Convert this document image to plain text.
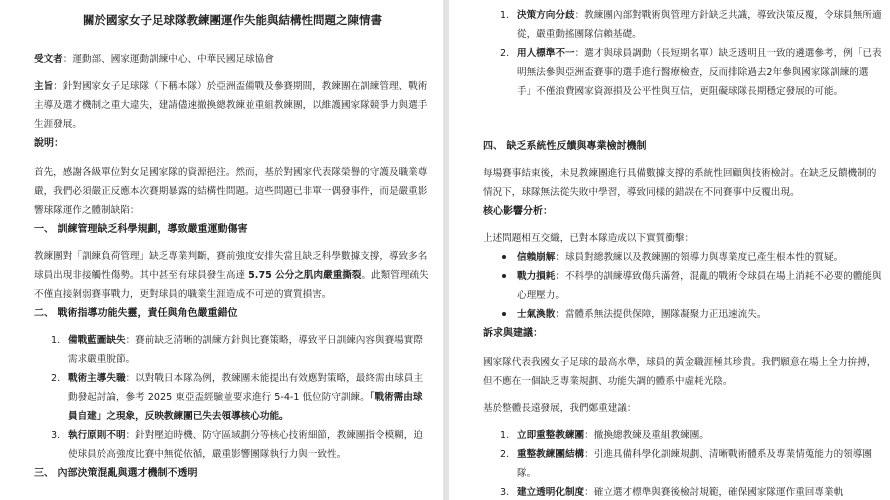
關於國家女子足球隊教練團運作失能與結構性問題之陳情書

受文者：運動部、國家運動訓練中心、中華民國足球協會

主旨：針對國家女子足球隊（下稱本隊）於亞洲盃備戰及參賽期間，教練團在訓練管理、戰術主導及選才機制之重大違失，建請儘速撤換總教練並重組教練團，以維護國家隊競爭力與選手生涯發展。

說明：

首先，感謝各級單位對女足國家隊的資源挹注。然而，基於對國家代表隊榮譽的守護及職業尊嚴，我們必須嚴正反應本次賽期暴露的結構性問題。這些問題已非單一偶發事件，而是嚴重影響球隊運作之體制缺陷：

一、 訓練管理缺乏科學規劃，導致嚴重運動傷害

教練團對「訓練負荷管理」缺乏專業判斷，賽前強度安排失當且缺乏科學數據支撐，導致多名球員出現非接觸性傷勢。其中甚至有球員發生高達 5.75 公分之肌肉嚴重撕裂。此類管理疏失不僅直接剝弱賽事戰力，更對球員的職業生涯造成不可逆的實質損害。

二、 戰術指導功能失靈，責任與角色嚴重錯位

1. 備戰藍圖缺失：賽前缺乏清晰的訓練方針與比賽策略，導致平日訓練內容與賽場實際需求嚴重脫節。
2. 戰術主導失職：以對戰日本隊為例，教練團未能提出有效應對策略，最終需由球員主動發起討論，參考 2025 東亞盃經驗並要求進行 5-4-1 低位防守訓練。「戰術需由球員自建」之現象，反映教練團已失去領導核心功能。
3. 執行原則不明：針對壓迫時機、防守區域劃分等核心技術細節，教練團指令模糊，迫使球員於高強度比賽中無從依循，嚴重影響團隊執行力與一致性。

三、 內部決策混亂與選才機制不透明

1. 決策方向分歧：教練團內部對戰術與管理方針缺乏共識，導致決策反覆，令球員無所適從，嚴重動搖團隊信賴基礎。
2. 用人標準不一：選才與球員調動（長短期名單）缺乏透明且一致的遴選參考，例「已表明無法參與亞洲盃賽事的選手進行醫療檢查，反而排除過去2年參與國家隊訓練的選手」不僅浪費國家資源損及公平性與互信，更阻礙球隊長期穩定發展的可能。

四、 缺乏系統性反饋與專業檢討機制

每場賽事結束後，未見教練團進行具備數據支撐的系統性回顧與技術檢討。在缺乏反饋機制的情況下，球隊無法從失敗中學習，導致同樣的錯誤在不同賽事中反覆出現。

核心影響分析：

上述問題相互交織，已對本隊造成以下實質衝擊：

信賴崩解：球員對總教練以及教練團的領導力與專業度已產生根本性的質疑。
戰力損耗：不科學的訓練導致傷兵滿營，混亂的戰術令球員在場上消耗不必要的體能與心理壓力。
士氣渙散：當體系無法提供保障，團隊凝聚力正迅速流失。

訴求與建議：

國家隊代表我國女子足球的最高水準，球員的黃金職涯極其珍貴。我們願意在場上全力拚搏，但不應在一個缺乏專業規劃、功能失調的體系中虛耗光陰。

基於整體長遠發展，我們鄭重建議：

1. 立即重整教練團：撤換總教練及重組教練團。
2. 重整教練團結構：引進具備科學化訓練規劃、清晰戰術體系及專業情蒐能力的領導團隊。
3. 建立透明化制度：確立選才標準與賽後檢討規範，確保國家隊運作重回專業軌
